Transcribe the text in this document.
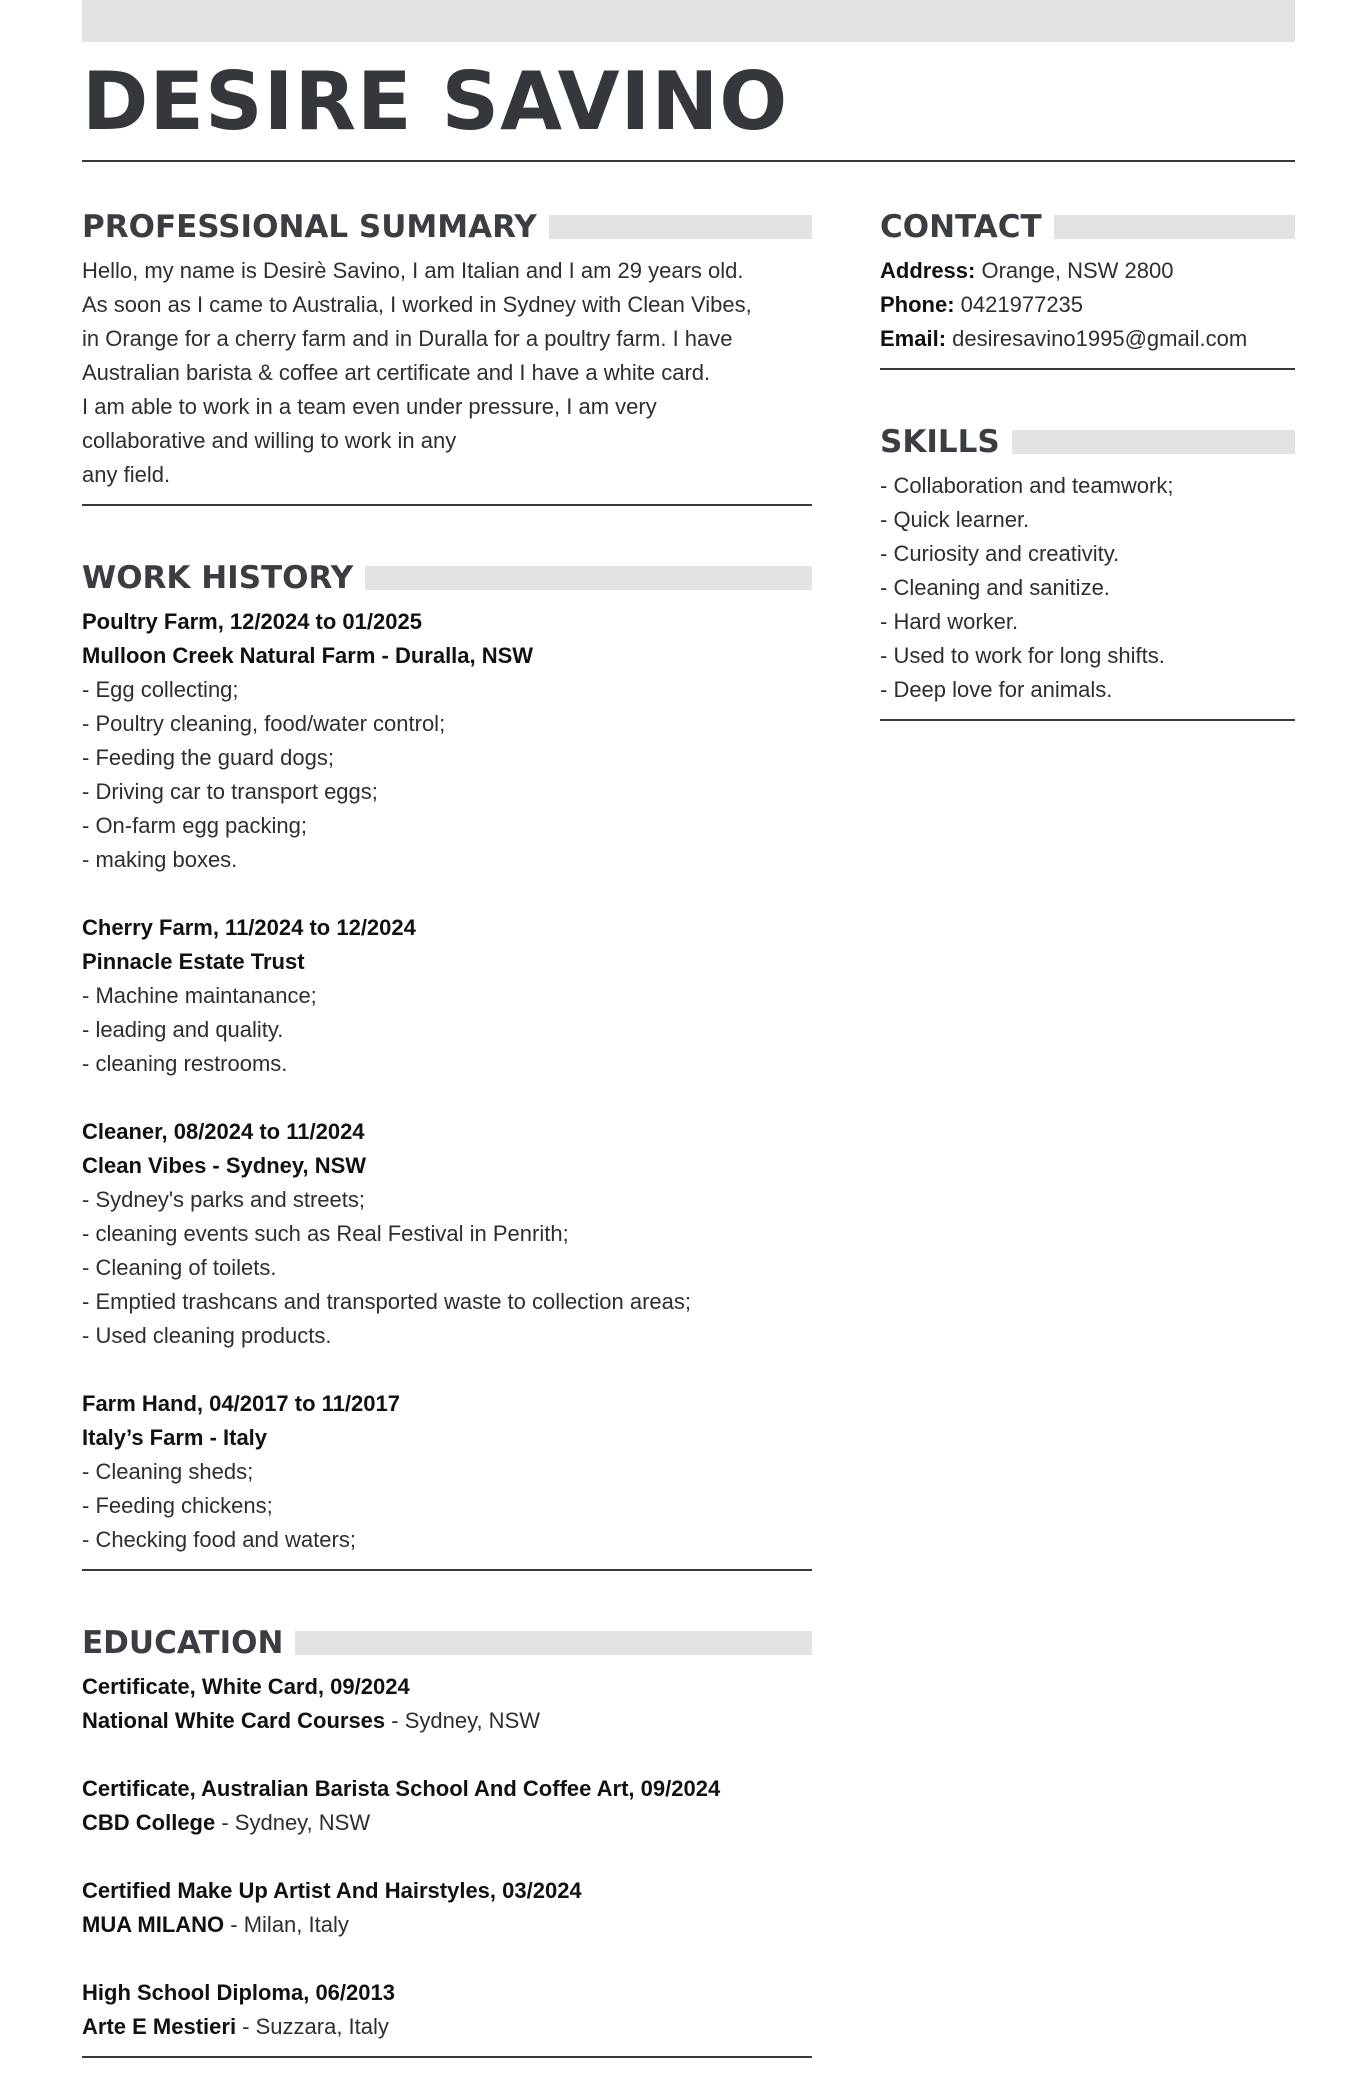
DESIRE SAVINO
PROFESSIONAL SUMMARY

Hello, my name is Desirè Savino, I am Italian and I am 29 years old.

As soon as I came to Australia, I worked in Sydney with Clean Vibes,

in Orange for a cherry farm and in Duralla for a poultry farm. I have

Australian barista & coffee art certificate and I have a white card.

I am able to work in a team even under pressure, I am very

collaborative and willing to work in any

any field.

WORK HISTORY
Poultry Farm, 12/2024 to 01/2025
Mulloon Creek Natural Farm - Duralla, NSW
- Egg collecting;
- Poultry cleaning, food/water control;
- Feeding the guard dogs;
- Driving car to transport eggs;
- On-farm egg packing;
- making boxes.
Cherry Farm, 11/2024 to 12/2024
Pinnacle Estate Trust
- Machine maintanance;
- leading and quality.
- cleaning restrooms.
Cleaner, 08/2024 to 11/2024
Clean Vibes - Sydney, NSW
- Sydney's parks and streets;
- cleaning events such as Real Festival in Penrith;
- Cleaning of toilets.
- Emptied trashcans and transported waste to collection areas;
- Used cleaning products.
Farm Hand, 04/2017 to 11/2017
Italy’s Farm - Italy
- Cleaning sheds;
- Feeding chickens;
- Checking food and waters;
EDUCATION
Certificate, White Card, 09/2024
National White Card Courses - Sydney, NSW
Certificate, Australian Barista School And Coffee Art, 09/2024
CBD College - Sydney, NSW
Certified Make Up Artist And Hairstyles, 03/2024
MUA MILANO - Milan, Italy
High School Diploma, 06/2013
Arte E Mestieri - Suzzara, Italy
CONTACT
Address: Orange, NSW 2800
Phone: 0421977235
Email: desiresavino1995@gmail.com
SKILLS
- Collaboration and teamwork;
- Quick learner.
- Curiosity and creativity.
- Cleaning and sanitize.
- Hard worker.
- Used to work for long shifts.
- Deep love for animals.
